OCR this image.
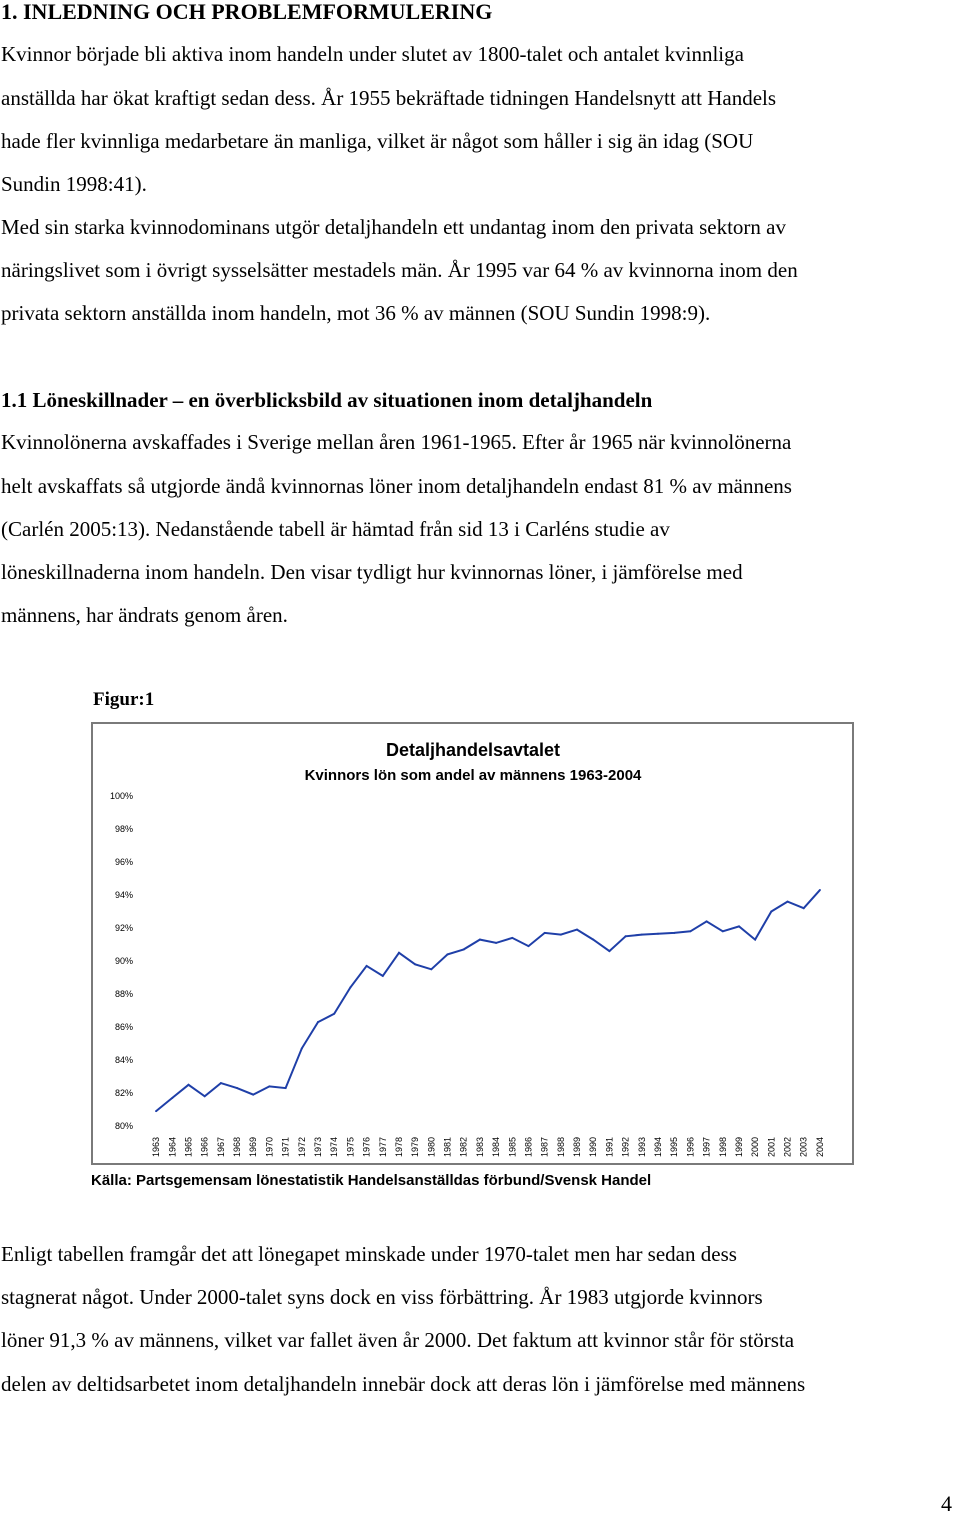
1. INLEDNING OCH PROBLEMFORMULERING
Kvinnor började bli aktiva inom handeln under slutet av 1800-talet och antalet kvinnliga
anställda har ökat kraftigt sedan dess. År 1955 bekräftade tidningen Handelsnytt att Handels
hade fler kvinnliga medarbetare än manliga, vilket är något som håller i sig än idag (SOU
Sundin 1998:41).
Med sin starka kvinnodominans utgör detaljhandeln ett undantag inom den privata sektorn av
näringslivet som i övrigt sysselsätter mestadels män. År 1995 var 64 % av kvinnorna inom den
privata sektorn anställda inom handeln, mot 36 % av männen (SOU Sundin 1998:9).
1.1 Löneskillnader – en överblicksbild av situationen inom detaljhandeln
Kvinnolönerna avskaffades i Sverige mellan åren 1961-1965. Efter år 1965 när kvinnolönerna
helt avskaffats så utgjorde ändå kvinnornas löner inom detaljhandeln endast 81 % av männens
(Carlén 2005:13). Nedanstående tabell är hämtad från sid 13 i Carléns studie av
löneskillnaderna inom handeln. Den visar tydligt hur kvinnornas löner, i jämförelse med
männens, har ändrats genom åren.
Figur:1
Detaljhandelsavtalet
Kvinnors lön som andel av männens 1963-2004
100%
98%
96%
94%
92%
90%
88%
86%
84%
82%
80%
1963 1964 1965 1966 1967 1968 1969 1970 1971 1972 1973 1974 1975 1976 1977 1978 1979 1980 1981 1982 1983 1984 1985 1986 1987 1988 1989 1990 1991 1992 1993 1994 1995 1996 1997 1998 1999 2000 2001 2002 2003 2004
Källa: Partsgemensam lönestatistik Handelsanställdas förbund/Svensk Handel
Enligt tabellen framgår det att lönegapet minskade under 1970-talet men har sedan dess
stagnerat något. Under 2000-talet syns dock en viss förbättring. År 1983 utgjorde kvinnors
löner 91,3 % av männens, vilket var fallet även år 2000. Det faktum att kvinnor står för största
delen av deltidsarbetet inom detaljhandeln innebär dock att deras lön i jämförelse med männens
4
